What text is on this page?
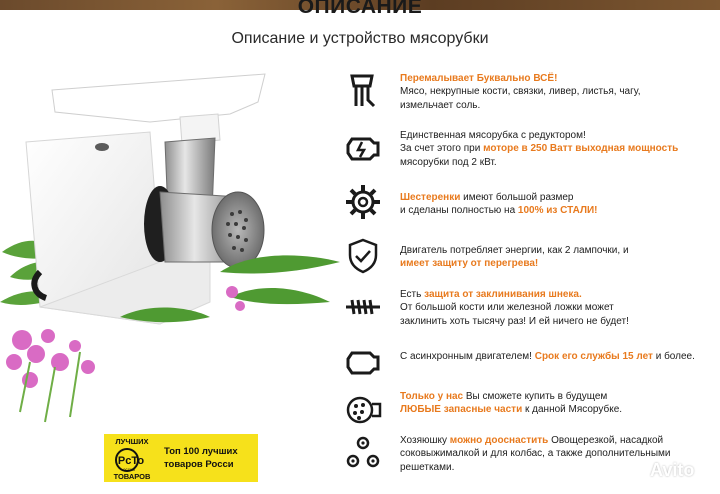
ОПИСАНИЕ
Описание и устройство мясорубки
Перемалывает Буквально ВСЁ!
Мясо, некрупные кости, связки, ливер, листья, чагу,
измельчает соль.
Единственная мясорубка с редуктором!
За счет этого при моторе в 250 Ватт выходная мощность
мясорубки под 2 кВт.
Шестеренки имеют большой размер
и сделаны полностью на 100% из СТАЛИ!
Двигатель потребляет энергии, как 2 лампочки, и
имеет защиту от перегрева!
Есть защита от заклинивания шнека.
От большой кости или железной ложки может
заклинить хоть тысячу раз! И ей ничего не будет!
С асинхронным двигателем! Срок его службы 15 лет и более.
Только у нас Вы сможете купить в будущем
ЛЮБЫЕ запасные части к данной Мясорубке.
Хозяюшку можно дооснастить Овощерезкой, насадкой
соковыжималкой и для колбас, а также дополнительными
решетками.
ЛУЧШИХ
РсТо
оссии
ТОВАРОВ
Топ 100 лучших
товаров Росси	Avito
